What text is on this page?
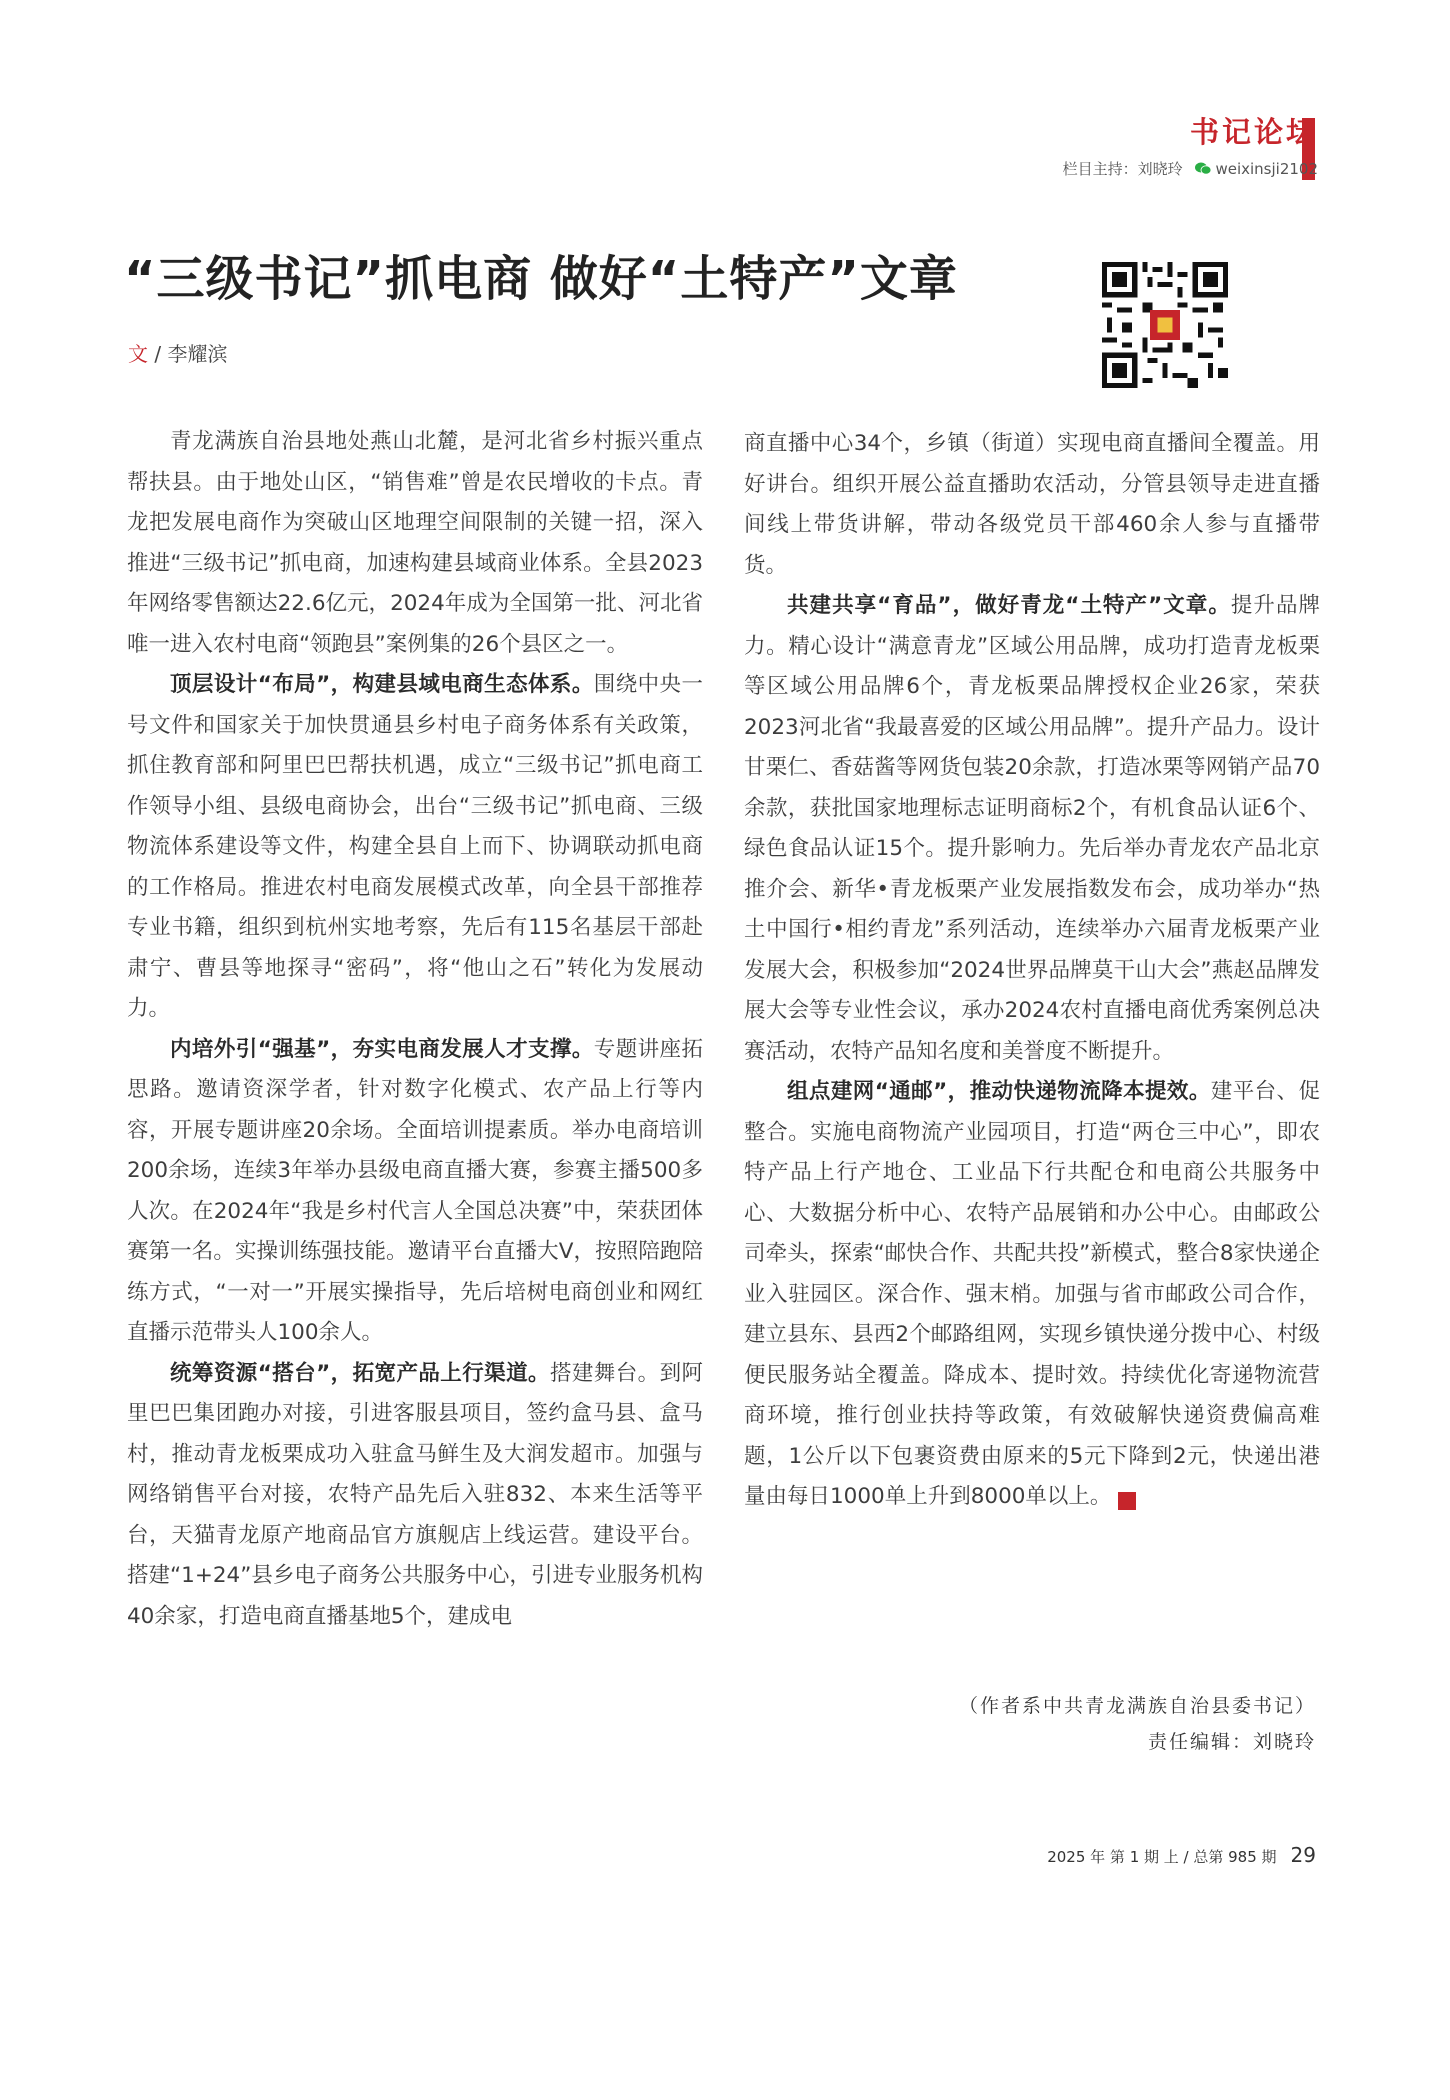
书记论坛
栏目主持：刘晓玲 weixinsji2102
“三级书记”抓电商 做好“土特产”文章
文 / 李耀滨

青龙满族自治县地处燕山北麓，是河北省乡村振兴重点帮扶县。由于地处山区，“销售难”曾是农民增收的卡点。青龙把发展电商作为突破山区地理空间限制的关键一招，深入推进“三级书记”抓电商，加速构建县域商业体系。全县2023年网络零售额达22.6亿元，2024年成为全国第一批、河北省唯一进入农村电商“领跑县”案例集的26个县区之一。

顶层设计“布局”，构建县域电商生态体系。围绕中央一号文件和国家关于加快贯通县乡村电子商务体系有关政策，抓住教育部和阿里巴巴帮扶机遇，成立“三级书记”抓电商工作领导小组、县级电商协会，出台“三级书记”抓电商、三级物流体系建设等文件，构建全县自上而下、协调联动抓电商的工作格局。推进农村电商发展模式改革，向全县干部推荐专业书籍，组织到杭州实地考察，先后有115名基层干部赴肃宁、曹县等地探寻“密码”，将“他山之石”转化为发展动力。

内培外引“强基”，夯实电商发展人才支撑。专题讲座拓思路。邀请资深学者，针对数字化模式、农产品上行等内容，开展专题讲座20余场。全面培训提素质。举办电商培训200余场，连续3年举办县级电商直播大赛，参赛主播500多人次。在2024年“我是乡村代言人全国总决赛”中，荣获团体赛第一名。实操训练强技能。邀请平台直播大V，按照陪跑陪练方式，“一对一”开展实操指导，先后培树电商创业和网红直播示范带头人100余人。

统筹资源“搭台”，拓宽产品上行渠道。搭建舞台。到阿里巴巴集团跑办对接，引进客服县项目，签约盒马县、盒马村，推动青龙板栗成功入驻盒马鲜生及大润发超市。加强与网络销售平台对接，农特产品先后入驻832、本来生活等平台，天猫青龙原产地商品官方旗舰店上线运营。建设平台。搭建“1+24”县乡电子商务公共服务中心，引进专业服务机构40余家，打造电商直播基地5个，建成电

商直播中心34个，乡镇（街道）实现电商直播间全覆盖。用好讲台。组织开展公益直播助农活动，分管县领导走进直播间线上带货讲解，带动各级党员干部460余人参与直播带货。

共建共享“育品”，做好青龙“土特产”文章。提升品牌力。精心设计“满意青龙”区域公用品牌，成功打造青龙板栗等区域公用品牌6个，青龙板栗品牌授权企业26家，荣获2023河北省“我最喜爱的区域公用品牌”。提升产品力。设计甘栗仁、香菇酱等网货包装20余款，打造冰栗等网销产品70余款，获批国家地理标志证明商标2个，有机食品认证6个、绿色食品认证15个。提升影响力。先后举办青龙农产品北京推介会、新华•青龙板栗产业发展指数发布会，成功举办“热土中国行•相约青龙”系列活动，连续举办六届青龙板栗产业发展大会，积极参加“2024世界品牌莫干山大会”燕赵品牌发展大会等专业性会议，承办2024农村直播电商优秀案例总决赛活动，农特产品知名度和美誉度不断提升。

组点建网“通邮”，推动快递物流降本提效。建平台、促整合。实施电商物流产业园项目，打造“两仓三中心”，即农特产品上行产地仓、工业品下行共配仓和电商公共服务中心、大数据分析中心、农特产品展销和办公中心。由邮政公司牵头，探索“邮快合作、共配共投”新模式，整合8家快递企业入驻园区。深合作、强末梢。加强与省市邮政公司合作，建立县东、县西2个邮路组网，实现乡镇快递分拨中心、村级便民服务站全覆盖。降成本、提时效。持续优化寄递物流营商环境，推行创业扶持等政策，有效破解快递资费偏高难题，1公斤以下包裹资费由原来的5元下降到2元，快递出港量由每日1000单上升到8000单以上。	IB

（作者系中共青龙满族自治县委书记）
责任编辑：刘晓玲
2025 年 第 1 期 上 / 总第 985 期 29
